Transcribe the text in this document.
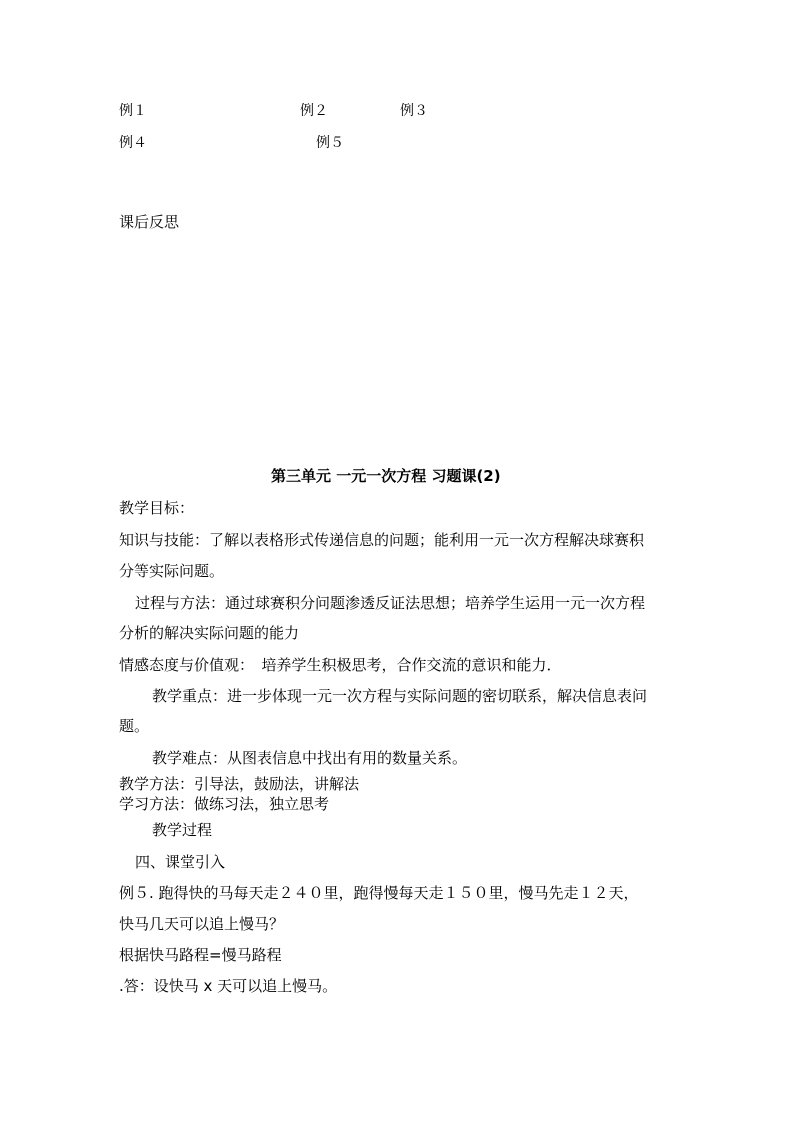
例１	例２	例３
例４	例５
课后反思
第三单元 一元一次方程 习题课(2)
教学目标：
知识与技能：了解以表格形式传递信息的问题；能利用一元一次方程解决球赛积
分等实际问题。
过程与方法：通过球赛积分问题渗透反证法思想；培养学生运用一元一次方程
分析的解决实际问题的能力
情感态度与价值观：　培养学生积极思考，合作交流的意识和能力．
教学重点：进一步体现一元一次方程与实际问题的密切联系，解决信息表问
题。
教学难点：从图表信息中找出有用的数量关系。
教学方法：引导法，鼓励法，讲解法
学习方法：做练习法，独立思考
教学过程
四、课堂引入
例５. 跑得快的马每天走２４０里，跑得慢每天走１５０里，慢马先走１２天，
快马几天可以追上慢马？
根据快马路程=慢马路程
.答：设快马 x 天可以追上慢马。
